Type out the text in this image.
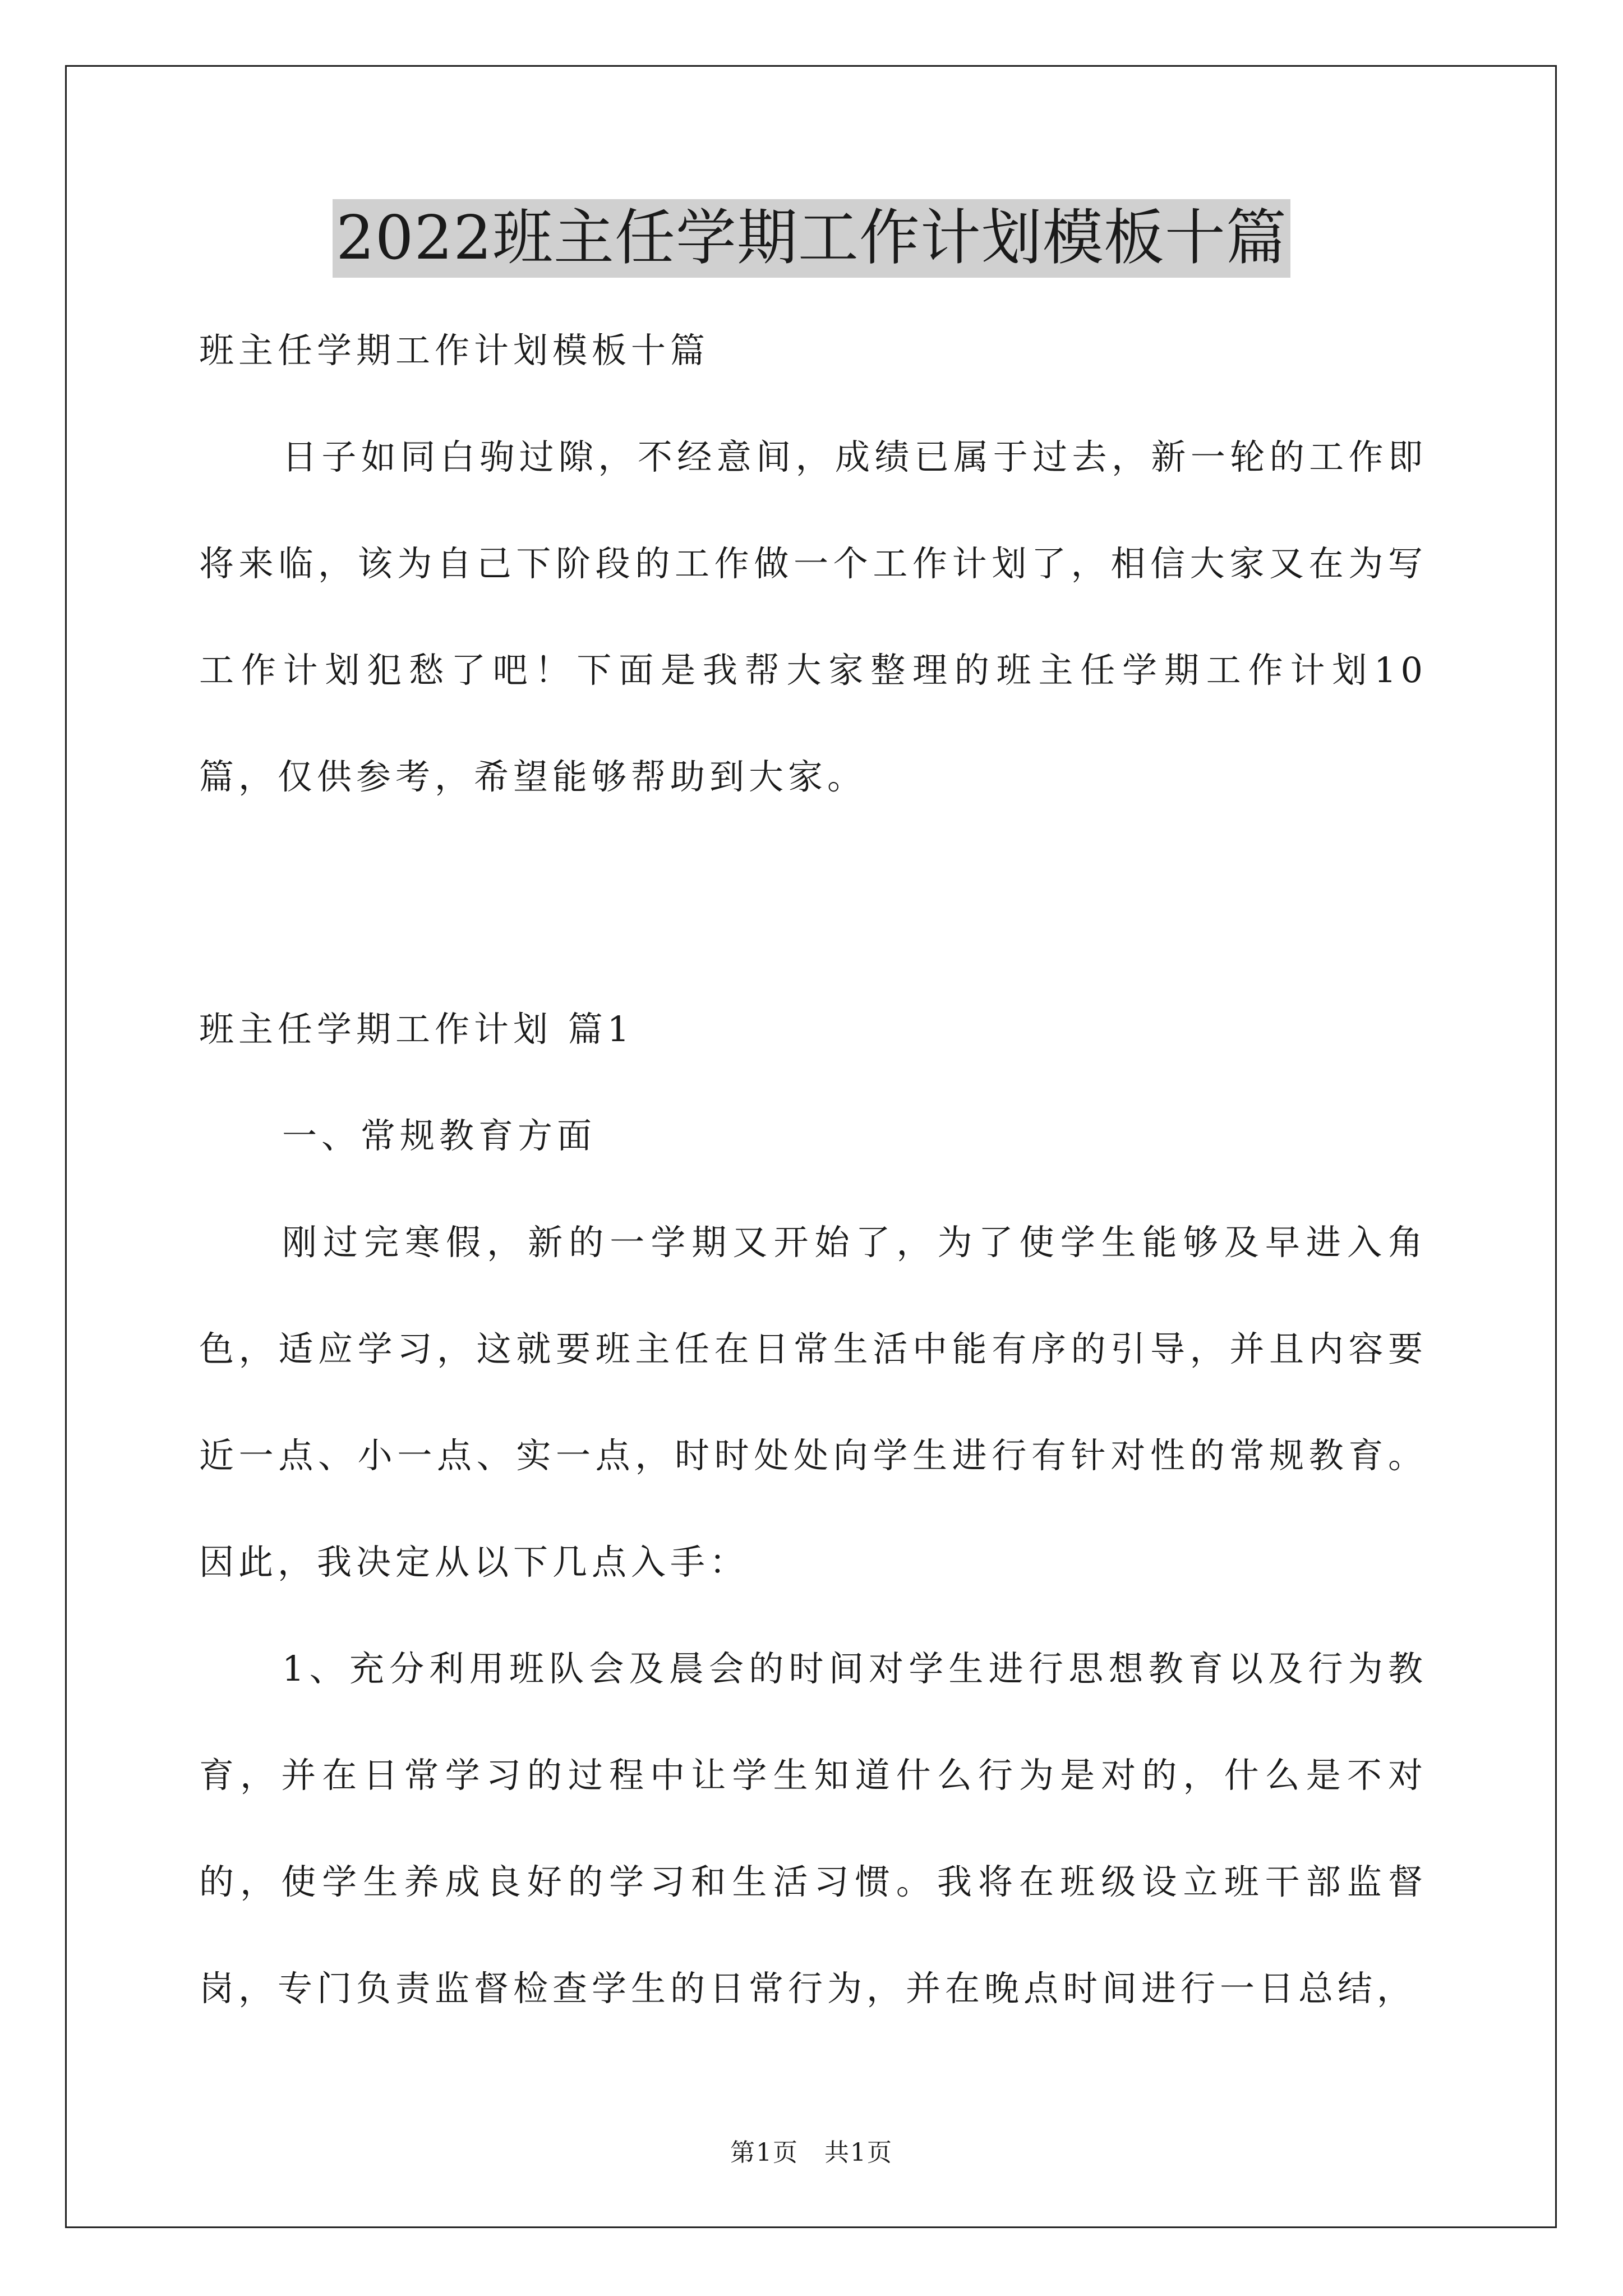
2022班主任学期工作计划模板十篇

班主任学期工作计划模板十篇

日子如同白驹过隙，不经意间，成绩已属于过去，新一轮的工作即将来临，该为自己下阶段的工作做一个工作计划了，相信大家又在为写工作计划犯愁了吧！下面是我帮大家整理的班主任学期工作计划10篇，仅供参考，希望能够帮助到大家。

班主任学期工作计划 篇1

一、常规教育方面

刚过完寒假，新的一学期又开始了，为了使学生能够及早进入角色，适应学习，这就要班主任在日常生活中能有序的引导，并且内容要近一点、小一点、实一点，时时处处向学生进行有针对性的常规教育。因此，我决定从以下几点入手：

1、充分利用班队会及晨会的时间对学生进行思想教育以及行为教育，并在日常学习的过程中让学生知道什么行为是对的，什么是不对的，使学生养成良好的学习和生活习惯。我将在班级设立班干部监督岗，专门负责监督检查学生的日常行为，并在晚点时间进行一日总结，

第1页　共1页
